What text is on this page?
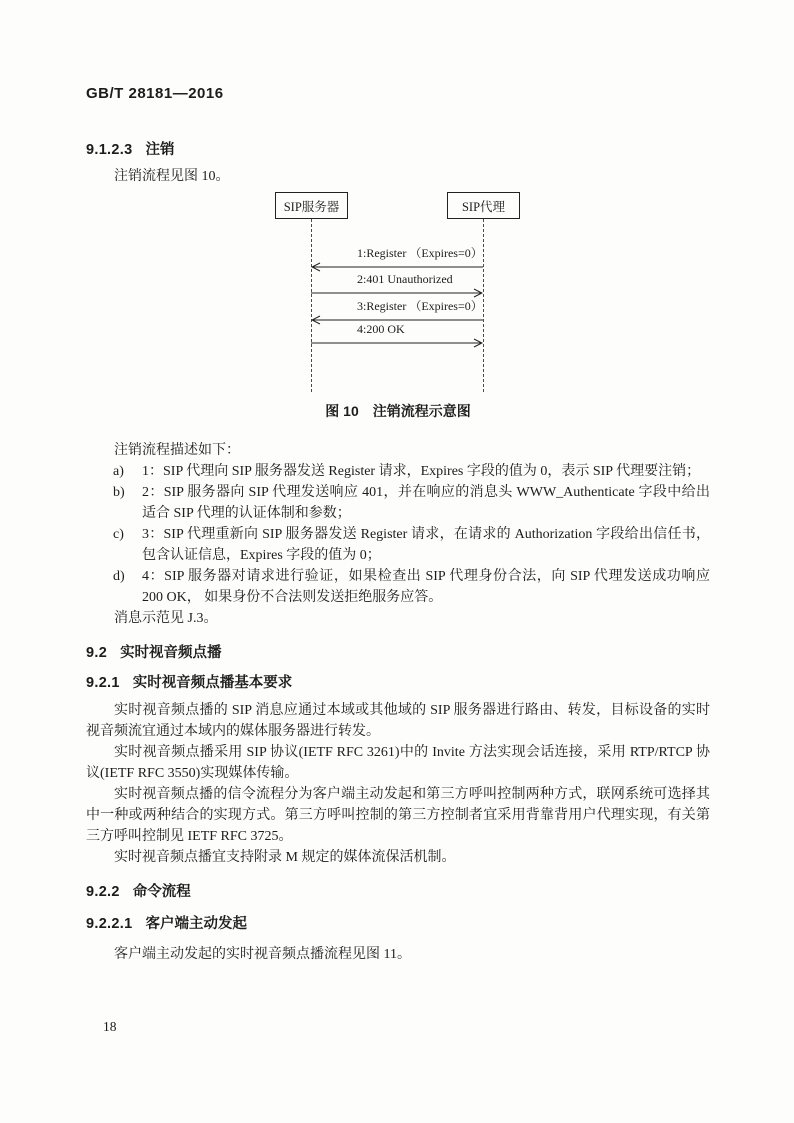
GB/T 28181—2016
9.1.2.3 注销

注销流程见图 10。

SIP服务器	SIP代理
1:Register （Expires=0）
2:401 Unauthorized
3:Register （Expires=0）
4:200 OK
图 10　注销流程示意图

注销流程描述如下：

a)	1：SIP 代理向 SIP 服务器发送 Register 请求，Expires 字段的值为 0，表示 SIP 代理要注销；
b)	2：SIP 服务器向 SIP 代理发送响应 401，并在响应的消息头 WWW_Authenticate 字段中给出适合 SIP 代理的认证体制和参数；
c)	3：SIP 代理重新向 SIP 服务器发送 Register 请求，在请求的 Authorization 字段给出信任书，包含认证信息，Expires 字段的值为 0；
d)	4：SIP 服务器对请求进行验证，如果检查出 SIP 代理身份合法，向 SIP 代理发送成功响应 200 OK， 如果身份不合法则发送拒绝服务应答。

消息示范见 J.3。

9.2 实时视音频点播
9.2.1 实时视音频点播基本要求

实时视音频点播的 SIP 消息应通过本域或其他域的 SIP 服务器进行路由、转发，目标设备的实时视音频流宜通过本域内的媒体服务器进行转发。

实时视音频点播采用 SIP 协议(IETF RFC 3261)中的 Invite 方法实现会话连接，采用 RTP/RTCP 协议(IETF RFC 3550)实现媒体传输。

实时视音频点播的信令流程分为客户端主动发起和第三方呼叫控制两种方式，联网系统可选择其中一种或两种结合的实现方式。第三方呼叫控制的第三方控制者宜采用背靠背用户代理实现，有关第三方呼叫控制见 IETF RFC 3725。

实时视音频点播宜支持附录 M 规定的媒体流保活机制。

9.2.2 命令流程
9.2.2.1 客户端主动发起

客户端主动发起的实时视音频点播流程见图 11。

18
